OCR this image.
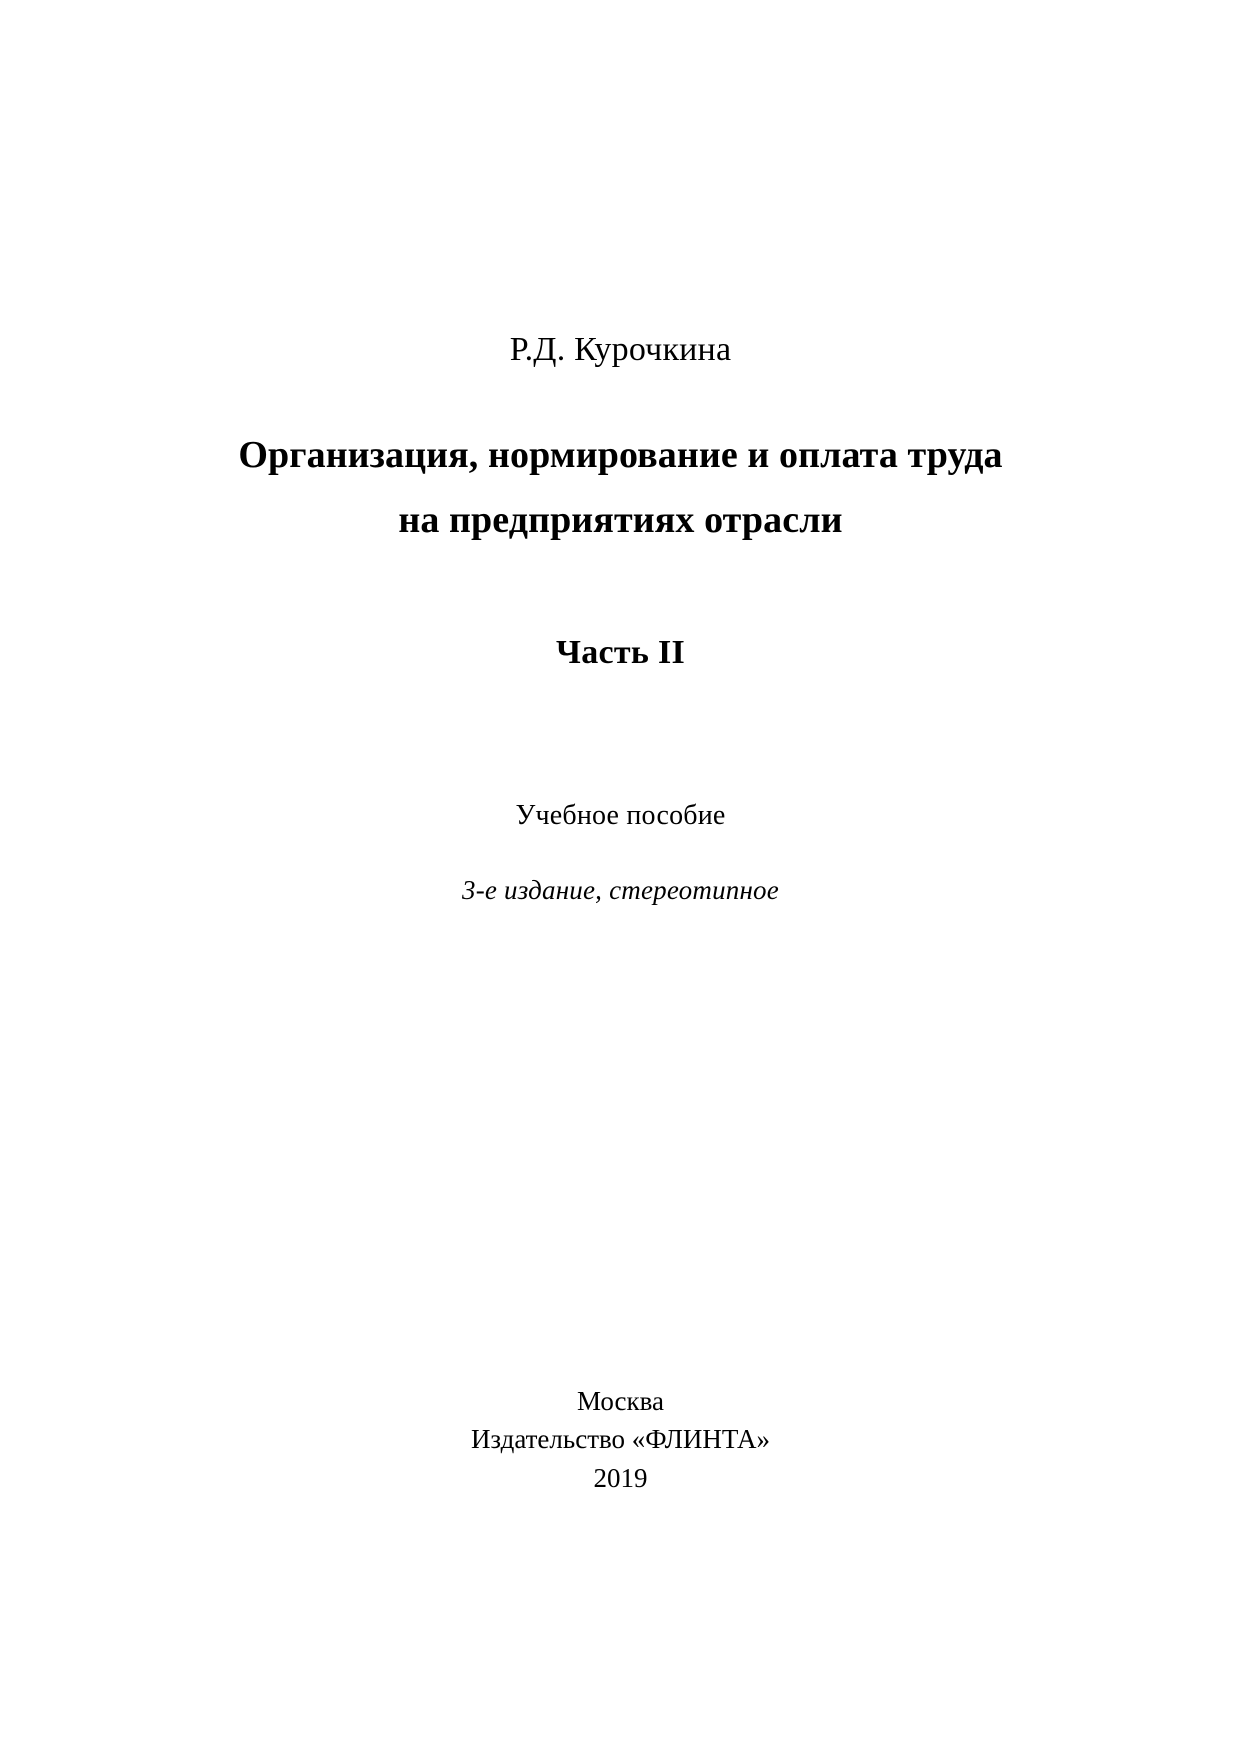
Р.Д. Курочкина
Организация, нормирование и оплата труда
на предприятиях отрасли
Часть II
Учебное пособие
3-е издание, стереотипное
Москва
Издательство «ФЛИНТА»
2019
